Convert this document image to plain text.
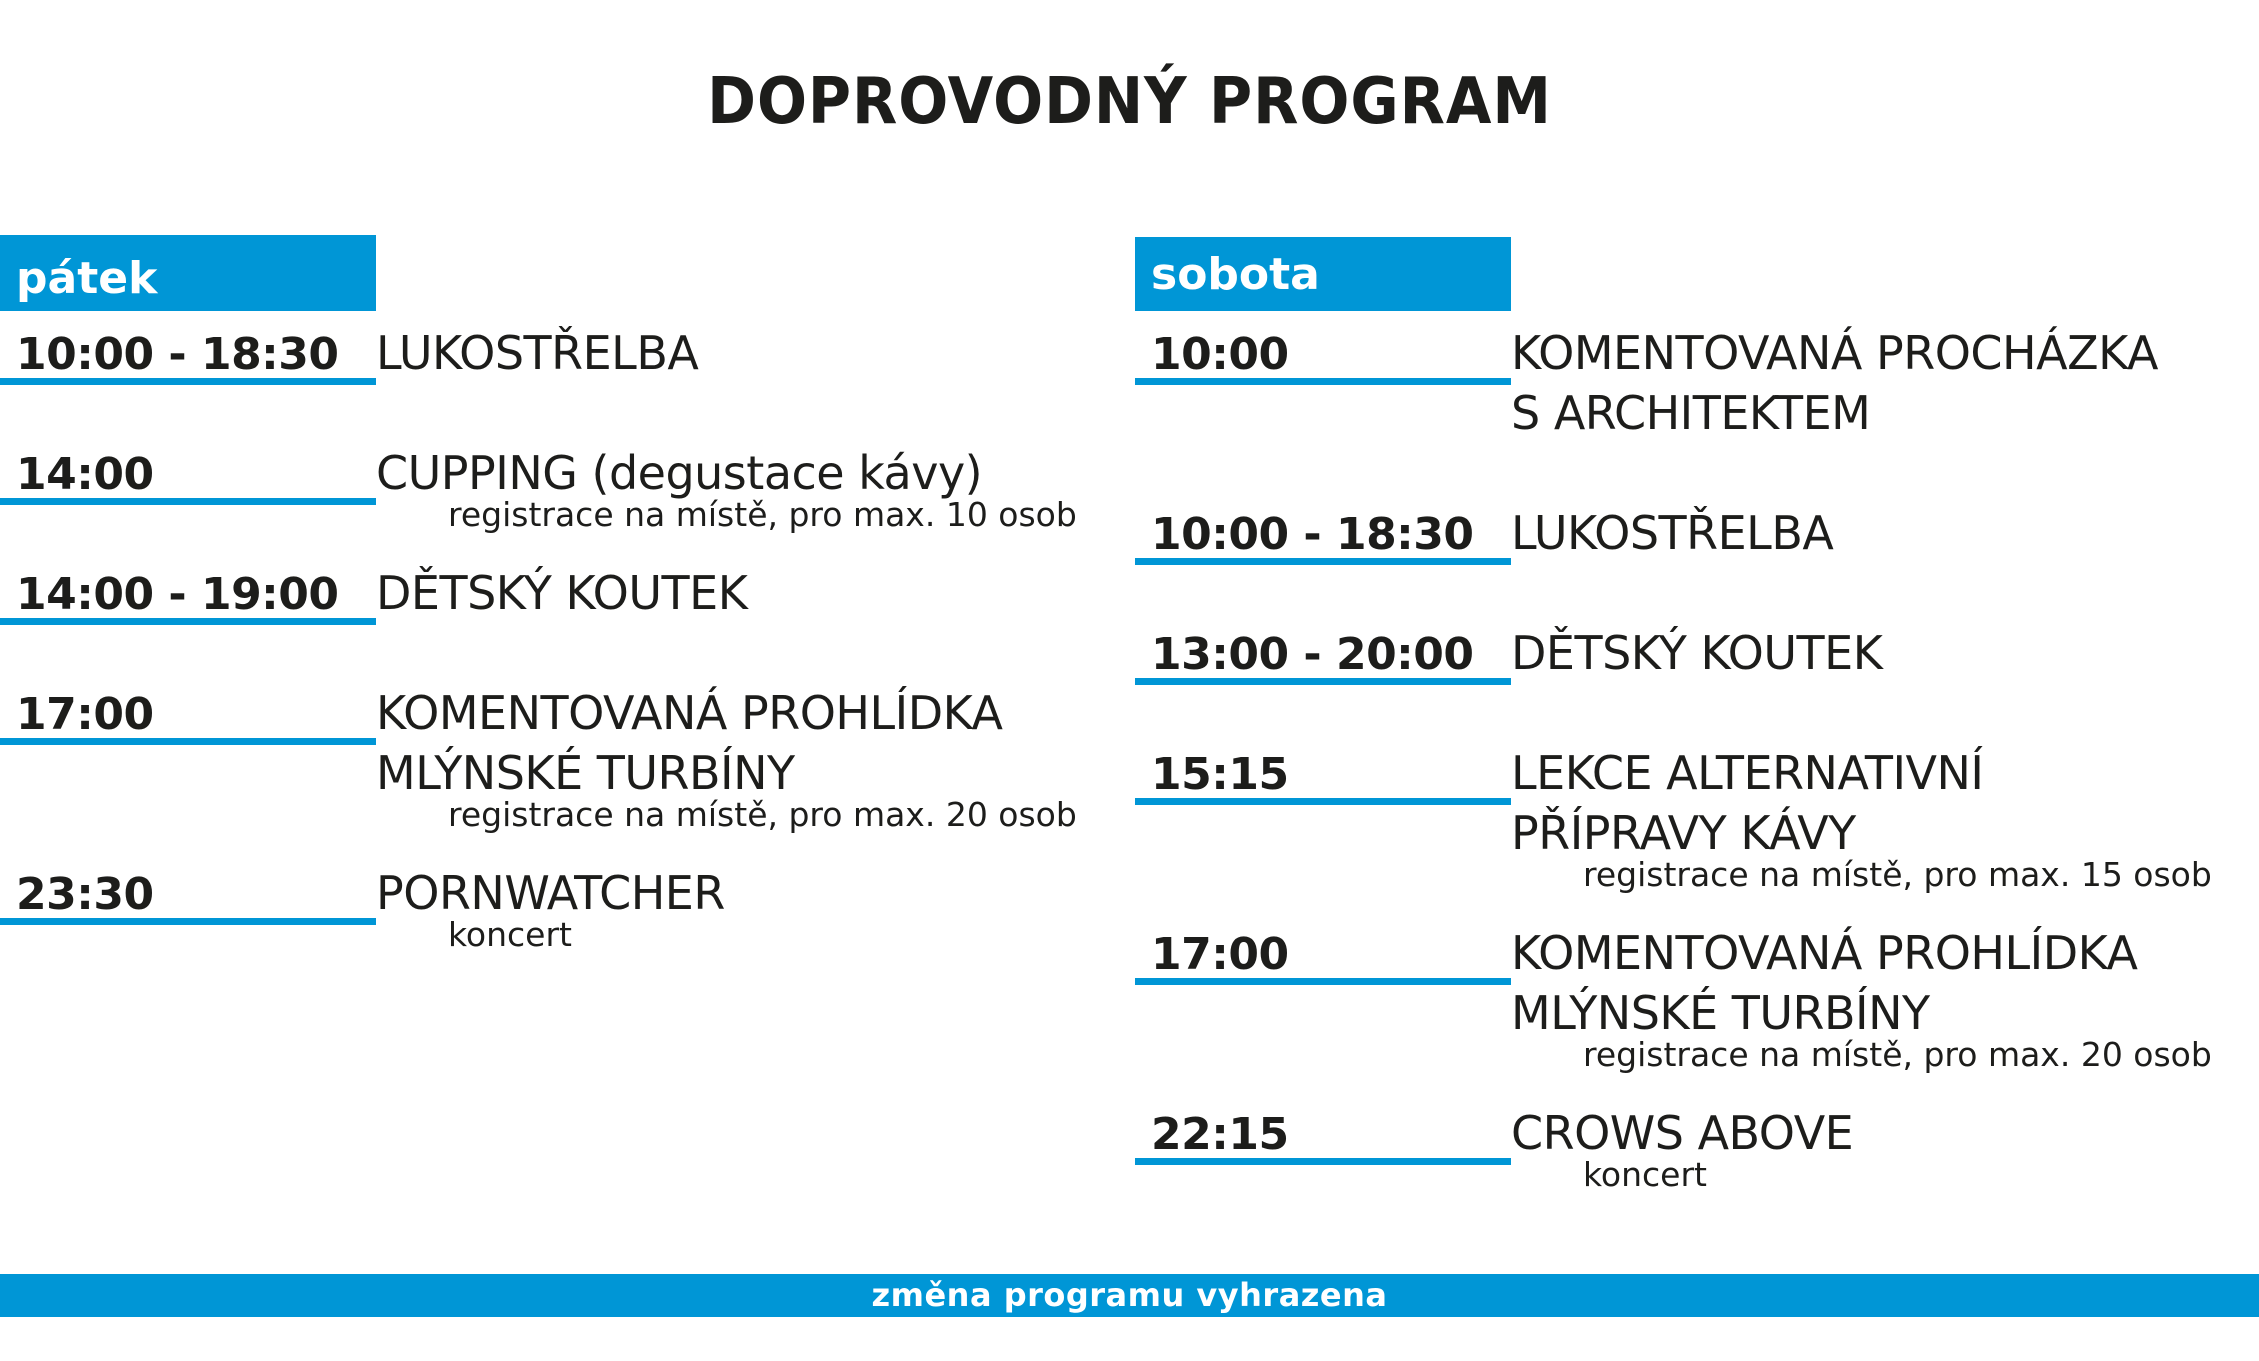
DOPROVODNÝ PROGRAM
pátek
10:00 - 18:30 LUKOSTŘELBA
14:00	CUPPING (degustace kávy)
registrace na místě, pro max. 10 osob
14:00 - 19:00 DĚTSKÝ KOUTEK
17:00	KOMENTOVANÁ PROHLÍDKA
MLÝNSKÉ TURBÍNY
registrace na místě, pro max. 20 osob
23:30	PORNWATCHER
koncert
sobota
10:00	KOMENTOVANÁ PROCHÁZKA
S ARCHITEKTEM
10:00 - 18:30 LUKOSTŘELBA
13:00 - 20:00 DĚTSKÝ KOUTEK
15:15	LEKCE ALTERNATIVNÍ
PŘÍPRAVY KÁVY
registrace na místě, pro max. 15 osob
17:00	KOMENTOVANÁ PROHLÍDKA
MLÝNSKÉ TURBÍNY
registrace na místě, pro max. 20 osob
22:15	CROWS ABOVE
koncert
změna programu vyhrazena
